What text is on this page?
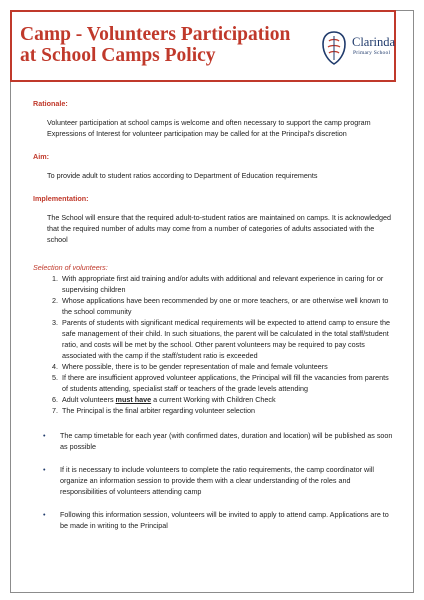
Camp - Volunteers Participation
at School Camps Policy
Clarinda
Primary School

Rationale:

Volunteer participation at school camps is welcome and often necessary to support the camp program

Expressions of Interest for volunteer participation may be called for at the Principal's discretion

Aim:

To provide adult to student ratios according to Department of Education requirements

Implementation:

The School will ensure that the required adult-to-student ratios are maintained on camps. It is acknowledged that the required number of adults may come from a number of categories of adults associated with the school

Selection of volunteers:

1. With appropriate first aid training and/or adults with additional and relevant experience in caring for or supervising children
2. Whose applications have been recommended by one or more teachers, or are otherwise well known to the school community
3. Parents of students with significant medical requirements will be expected to attend camp to ensure the safe management of their child. In such situations, the parent will be calculated in the total staff/student ratio, and costs will be met by the school. Other parent volunteers may be required to pay costs associated with the camp if the staff/student ratio is exceeded
4. Where possible, there is to be gender representation of male and female volunteers
5. If there are insufficient approved volunteer applications, the Principal will fill the vacancies from parents of students attending, specialist staff or teachers of the grade levels attending
6. Adult volunteers must have a current Working with Children Check
7. The Principal is the final arbiter regarding volunteer selection
• The camp timetable for each year (with confirmed dates, duration and location) will be published as soon as possible
• If it is necessary to include volunteers to complete the ratio requirements, the camp coordinator will organize an information session to provide them with a clear understanding of the roles and responsibilities of volunteers attending camp
• Following this information session, volunteers will be invited to apply to attend camp. Applications are to be made in writing to the Principal
